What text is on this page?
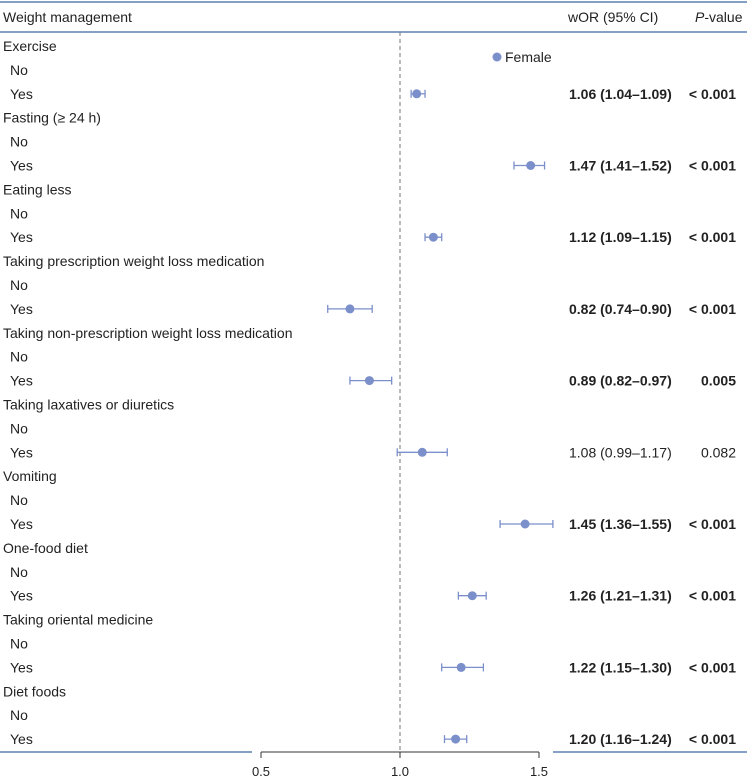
Weight management	wOR (95% CI)	P-value
Female
Exercise
No
Yes	1.06 (1.04–1.09) < 0.001
Fasting (≥ 24 h)
No
Yes	1.47 (1.41–1.52) < 0.001
Eating less
No
Yes	1.12 (1.09–1.15) < 0.001
Taking prescription weight loss medication
No
Yes	0.82 (0.74–0.90) < 0.001
Taking non-prescription weight loss medication
No
Yes	0.89 (0.82–0.97) 0.005
Taking laxatives or diuretics
No
Yes	1.08 (0.99–1.17) 0.082
Vomiting
No
Yes	1.45 (1.36–1.55) < 0.001
One-food diet
No
Yes	1.26 (1.21–1.31) < 0.001
Taking oriental medicine
No
Yes	1.22 (1.15–1.30) < 0.001
Diet foods
No
Yes	1.20 (1.16–1.24) < 0.001
0.5	1.0	1.5
